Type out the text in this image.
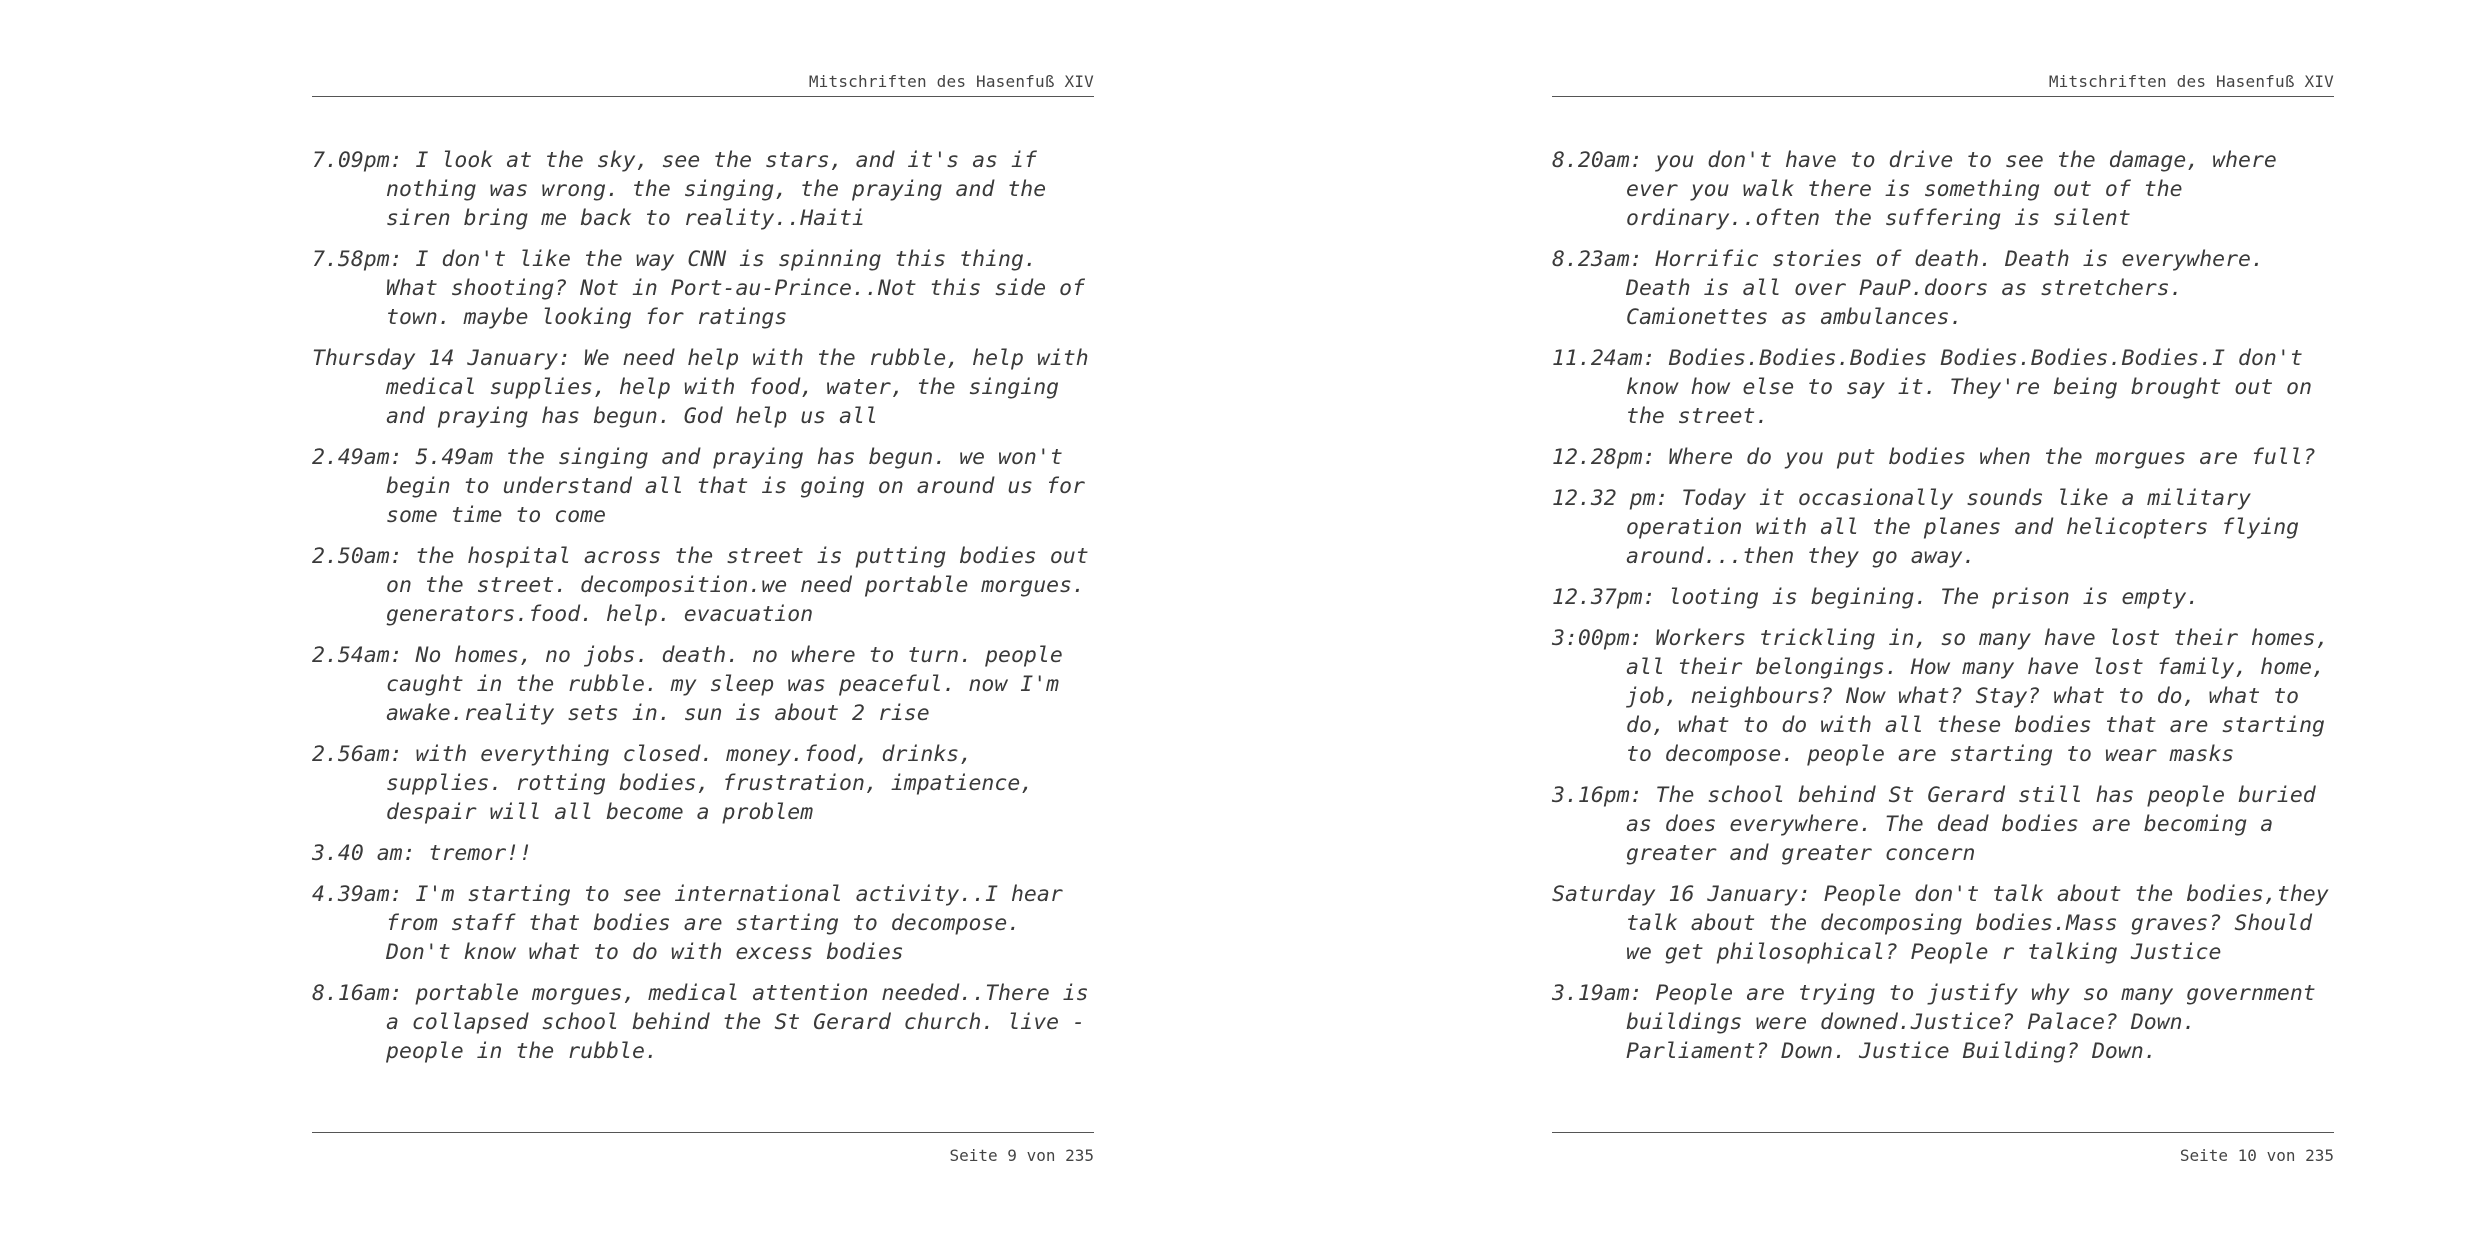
Mitschriften des Hasenfuß XIV
7.09pm: I look at the sky, see the stars, and it's as if nothing was wrong. the singing, the praying and the siren bring me back to reality..Haiti
7.58pm: I don't like the way CNN is spinning this thing. What shooting? Not in Port-au-Prince..Not this side of town. maybe looking for ratings
Thursday 14 January: We need help with the rubble, help with medical supplies, help with food, water, the singing and praying has begun. God help us all
2.49am: 5.49am the singing and praying has begun. we won't begin to understand all that is going on around us for some time to come
2.50am: the hospital across the street is putting bodies out on the street. decomposition.we need portable morgues. generators.food. help. evacuation
2.54am: No homes, no jobs. death. no where to turn. people caught in the rubble. my sleep was peaceful. now I'm awake.reality sets in. sun is about 2 rise
2.56am: with everything closed. money.food, drinks, supplies. rotting bodies, frustration, impatience, despair will all become a problem
3.40 am: tremor!!
4.39am: I'm starting to see international activity..I hear from staff that bodies are starting to decompose. Don't know what to do with excess bodies
8.16am: portable morgues, medical attention needed..There is a collapsed school behind the St Gerard church. live - people in the rubble.
Seite 9 von 235
Mitschriften des Hasenfuß XIV
8.20am: you don't have to drive to see the damage, where ever you walk there is something out of the ordinary..often the suffering is silent
8.23am: Horrific stories of death. Death is everywhere. Death is all over PauP.doors as stretchers. Camionettes as ambulances.
11.24am: Bodies.Bodies.Bodies Bodies.Bodies.Bodies.I don't know how else to say it. They're being brought out on the street.
12.28pm: Where do you put bodies when the morgues are full?
12.32 pm: Today it occasionally sounds like a military operation with all the planes and helicopters flying around...then they go away.
12.37pm: looting is begining. The prison is empty.
3:00pm: Workers trickling in, so many have lost their homes, all their belongings. How many have lost family, home, job, neighbours? Now what? Stay? what to do, what to do, what to do with all these bodies that are starting to decompose. people are starting to wear masks
3.16pm: The school behind St Gerard still has people buried as does everywhere. The dead bodies are becoming a greater and greater concern
Saturday 16 January: People don't talk about the bodies,they talk about the decomposing bodies.Mass graves? Should we get philosophical? People r talking Justice
3.19am: People are trying to justify why so many government buildings were downed.Justice? Palace? Down. Parliament? Down. Justice Building? Down.
Seite 10 von 235
